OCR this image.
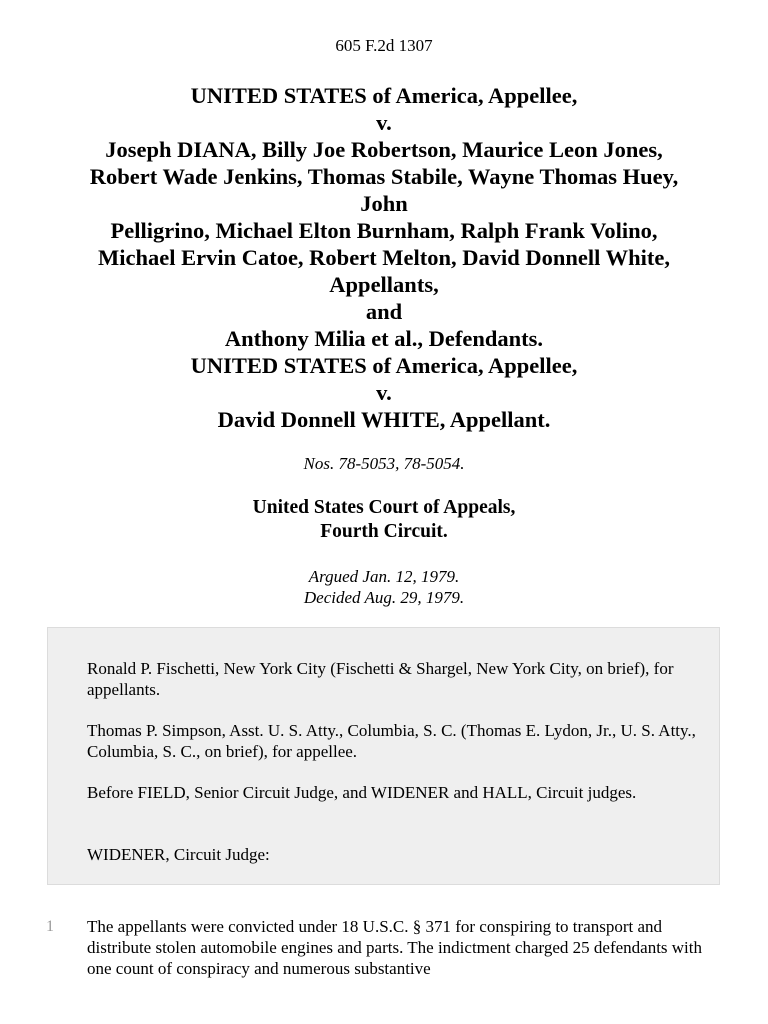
605 F.2d 1307
UNITED STATES of America, Appellee,
v.
Joseph DIANA, Billy Joe Robertson, Maurice Leon Jones,
Robert Wade Jenkins, Thomas Stabile, Wayne Thomas Huey,
John
Pelligrino, Michael Elton Burnham, Ralph Frank Volino,
Michael Ervin Catoe, Robert Melton, David Donnell White,
Appellants,
and
Anthony Milia et al., Defendants.
UNITED STATES of America, Appellee,
v.
David Donnell WHITE, Appellant.
Nos. 78-5053, 78-5054.
United States Court of Appeals,
Fourth Circuit.
Argued Jan. 12, 1979.
Decided Aug. 29, 1979.

Ronald P. Fischetti, New York City (Fischetti & Shargel, New York City, on brief), for appellants.

Thomas P. Simpson, Asst. U. S. Atty., Columbia, S. C. (Thomas E. Lydon, Jr., U. S. Atty., Columbia, S. C., on brief), for appellee.

Before FIELD, Senior Circuit Judge, and WIDENER and HALL, Circuit judges.

WIDENER, Circuit Judge:

1 The appellants were convicted under 18 U.S.C. § 371 for conspiring to transport and distribute stolen automobile engines and parts. The indictment charged 25 defendants with one count of conspiracy and numerous substantive
